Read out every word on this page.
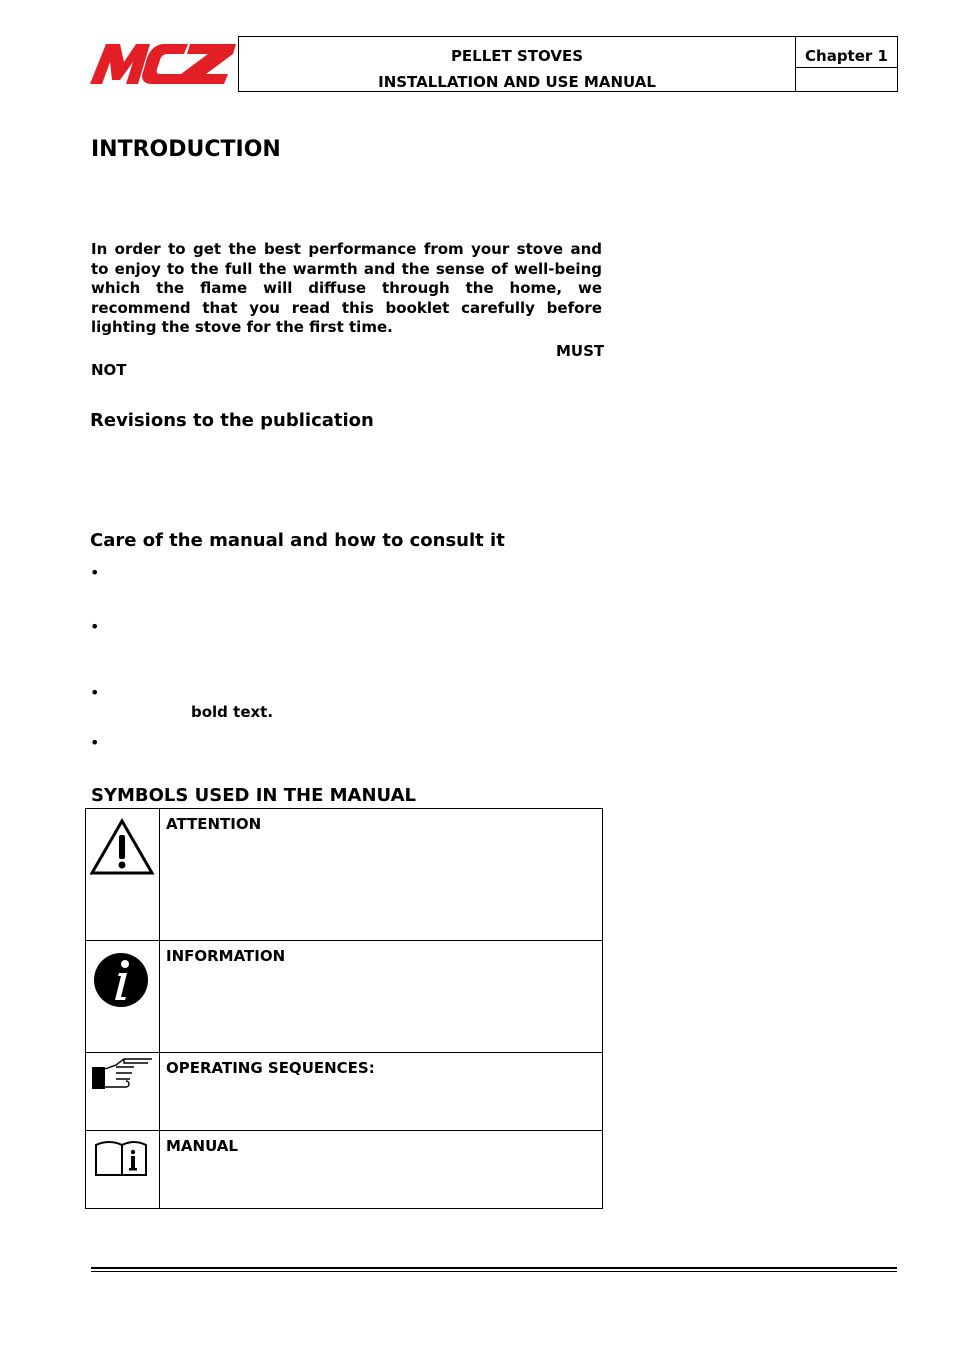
PELLET STOVES
INSTALLATION AND USE MANUAL
Chapter 1
INTRODUCTION
In order to get the best performance from your stove and to enjoy to the full the warmth and the sense of well-being which the flame will diffuse through the home, we recommend that you read this booklet carefully before lighting the stove for the first time.
MUST
NOT
Revisions to the publication
Care of the manual and how to consult it
•
•
•
bold text.
•
SYMBOLS USED IN THE MANUAL
ATTENTION
INFORMATION
OPERATING SEQUENCES:
MANUAL
